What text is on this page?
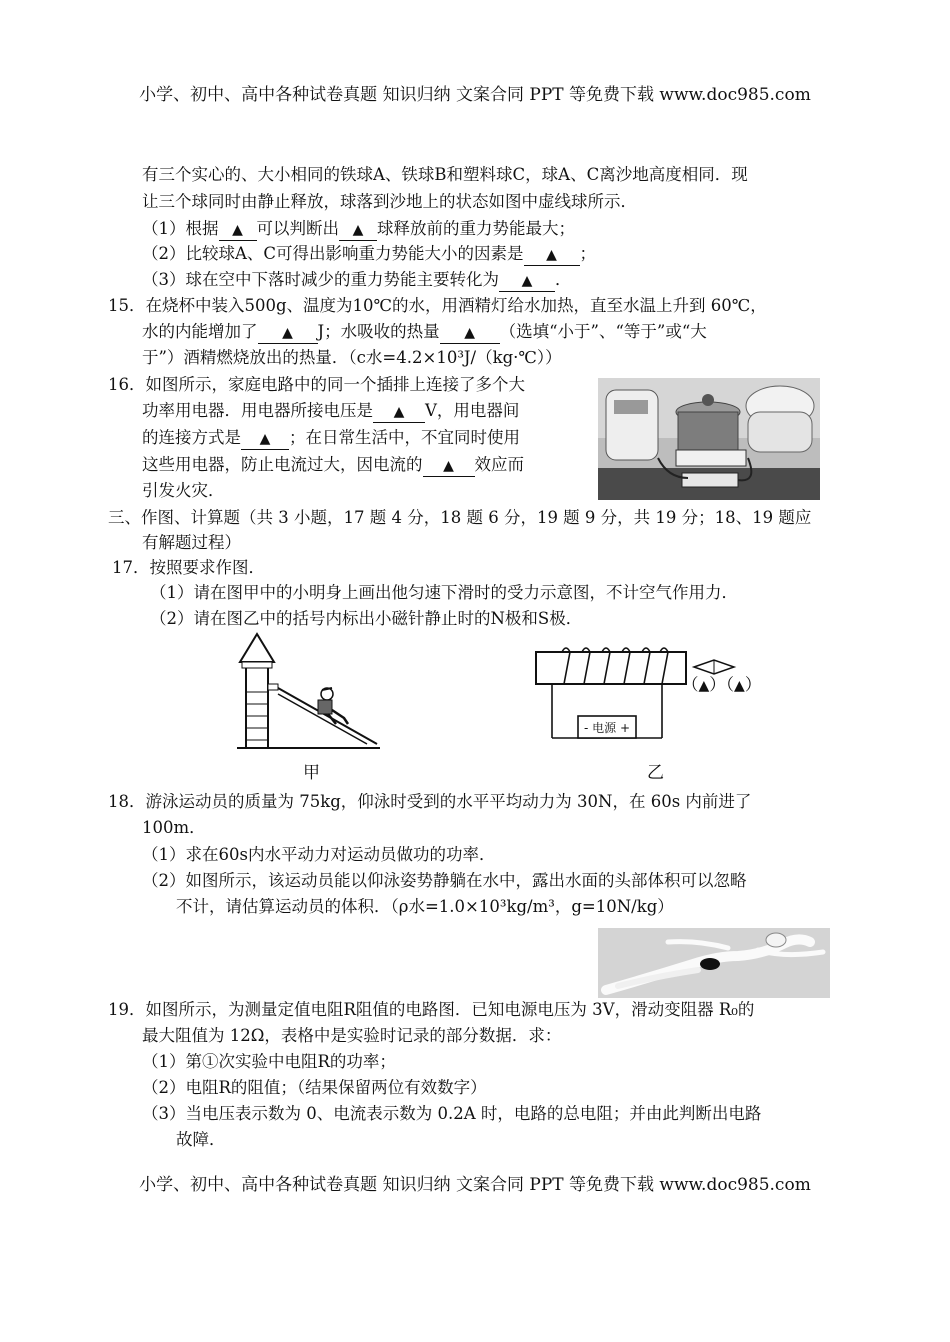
小学、初中、高中各种试卷真题 知识归纳 文案合同 PPT 等免费下载 www.doc985.com
有三个实心的、大小相同的铁球A、铁球B和塑料球C，球A、C离沙地高度相同．现
让三个球同时由静止释放，球落到沙地上的状态如图中虚线球所示．
（1）根据 ▲ 可以判断出 ▲ 球释放前的重力势能最大；
（2）比较球A、C可得出影响重力势能大小的因素是 ▲ ；
（3）球在空中下落时减少的重力势能主要转化为 ▲ ．
15．在烧杯中装入500g、温度为10℃的水，用酒精灯给水加热，直至水温上升到 60℃，
水的内能增加了 ▲ J；水吸收的热量 ▲ （选填“小于”、“等于”或“大
于”）酒精燃烧放出的热量．（c水=4.2×10³J/（kg·℃））
16．如图所示，家庭电路中的同一个插排上连接了多个大
功率用电器．用电器所接电压是 ▲ V，用电器间
的连接方式是 ▲ ；在日常生活中，不宜同时使用
这些用电器，防止电流过大，因电流的 ▲ 效应而
引发火灾．
三、作图、计算题（共 3 小题，17 题 4 分，18 题 6 分，19 题 9 分，共 19 分；18、19 题应
有解题过程）
17．按照要求作图．
（1）请在图甲中的小明身上画出他匀速下滑时的受力示意图，不计空气作用力．
（2）请在图乙中的括号内标出小磁针静止时的N极和S极．
甲
- 电源 +
（▲）（▲）
乙
18．游泳运动员的质量为 75kg，仰泳时受到的水平平均动力为 30N，在 60s 内前进了
100m．
（1）求在60s内水平动力对运动员做功的功率．
（2）如图所示，该运动员能以仰泳姿势静躺在水中，露出水面的头部体积可以忽略
不计，请估算运动员的体积．（ρ水=1.0×10³kg/m³，g=10N/kg）
19．如图所示，为测量定值电阻R阻值的电路图．已知电源电压为 3V，滑动变阻器 R₀的
最大阻值为 12Ω，表格中是实验时记录的部分数据．求：
（1）第①次实验中电阻R的功率；
（2）电阻R的阻值；（结果保留两位有效数字）
（3）当电压表示数为 0、电流表示数为 0.2A 时，电路的总电阻；并由此判断出电路
故障．
小学、初中、高中各种试卷真题 知识归纳 文案合同 PPT 等免费下载 www.doc985.com
